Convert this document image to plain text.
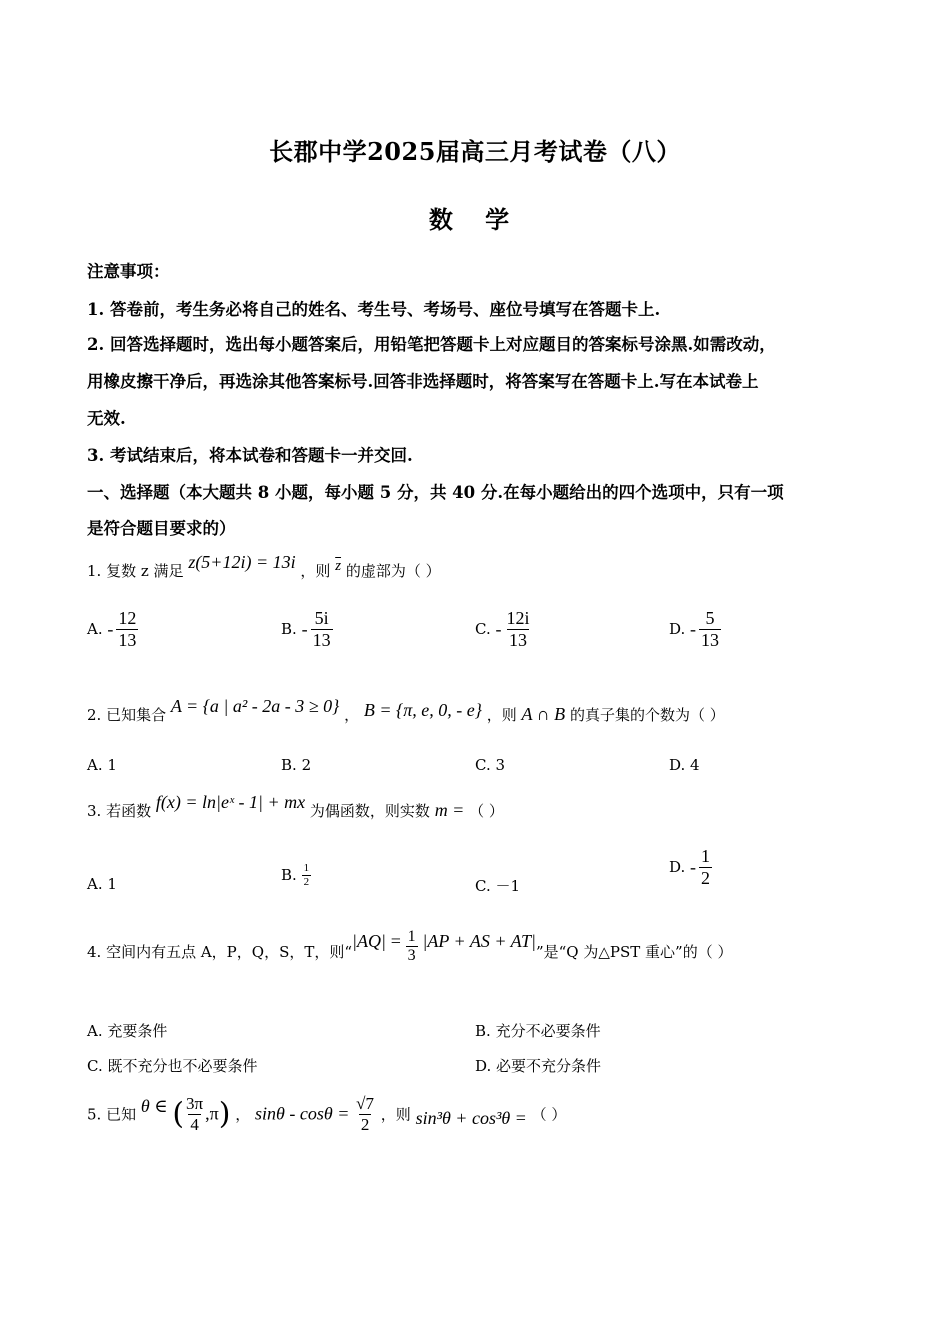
长郡中学2025届高三月考试卷（八）
数 学
注意事项：
1. 答卷前，考生务必将自己的姓名、考生号、考场号、座位号填写在答题卡上.
2. 回答选择题时，选出每小题答案后，用铅笔把答题卡上对应题目的答案标号涂黑.如需改动，
用橡皮擦干净后，再选涂其他答案标号.回答非选择题时，将答案写在答题卡上.写在本试卷上
无效.
3. 考试结束后，将本试卷和答题卡一并交回.
一、选择题（本大题共 8 小题，每小题 5 分，共 40 分.在每小题给出的四个选项中，只有一项
是符合题目要求的）
1. 复数 z 满足 z(5+12i) = 13i ，则 $\overline{z}$ 的虚部为（ ）
A. - $\frac{12}{13}$	B. - $\frac{5i}{13}$	C. - $\frac{12i}{13}$	D. - $\frac{5}{13}$
2. 已知集合 A = {a | a² - 2a - 3 ≥ 0} ， B = {π, e, 0, - e} ，则 A ∩ B 的真子集的个数为（ ）
A. 1	B. 2	C. 3	D. 4
3. 若函数 f(x) = ln|eˣ - 1| + mx 为偶函数，则实数 m = （ ）
A. 1	B. $\frac{1}{2}$	C. －1
D. - $\frac{1}{2}$
4. 空间内有五点 A，P，Q，S，T，则“$|AQ| = \frac{1}{3} |AP$ + AS + AT|”是“Q 为△PST 重心”的（ ）
A. 充要条件	B. 充分不必要条件
C. 既不充分也不必要条件	D. 必要不充分条件
5. 已知 θ ∈ ( $\frac{3\pi}{4} ,\pi$) ， $\sin\theta - \cos\theta = \frac{√7}{2}$ ，则 sin³θ + cos³θ = （ ）
